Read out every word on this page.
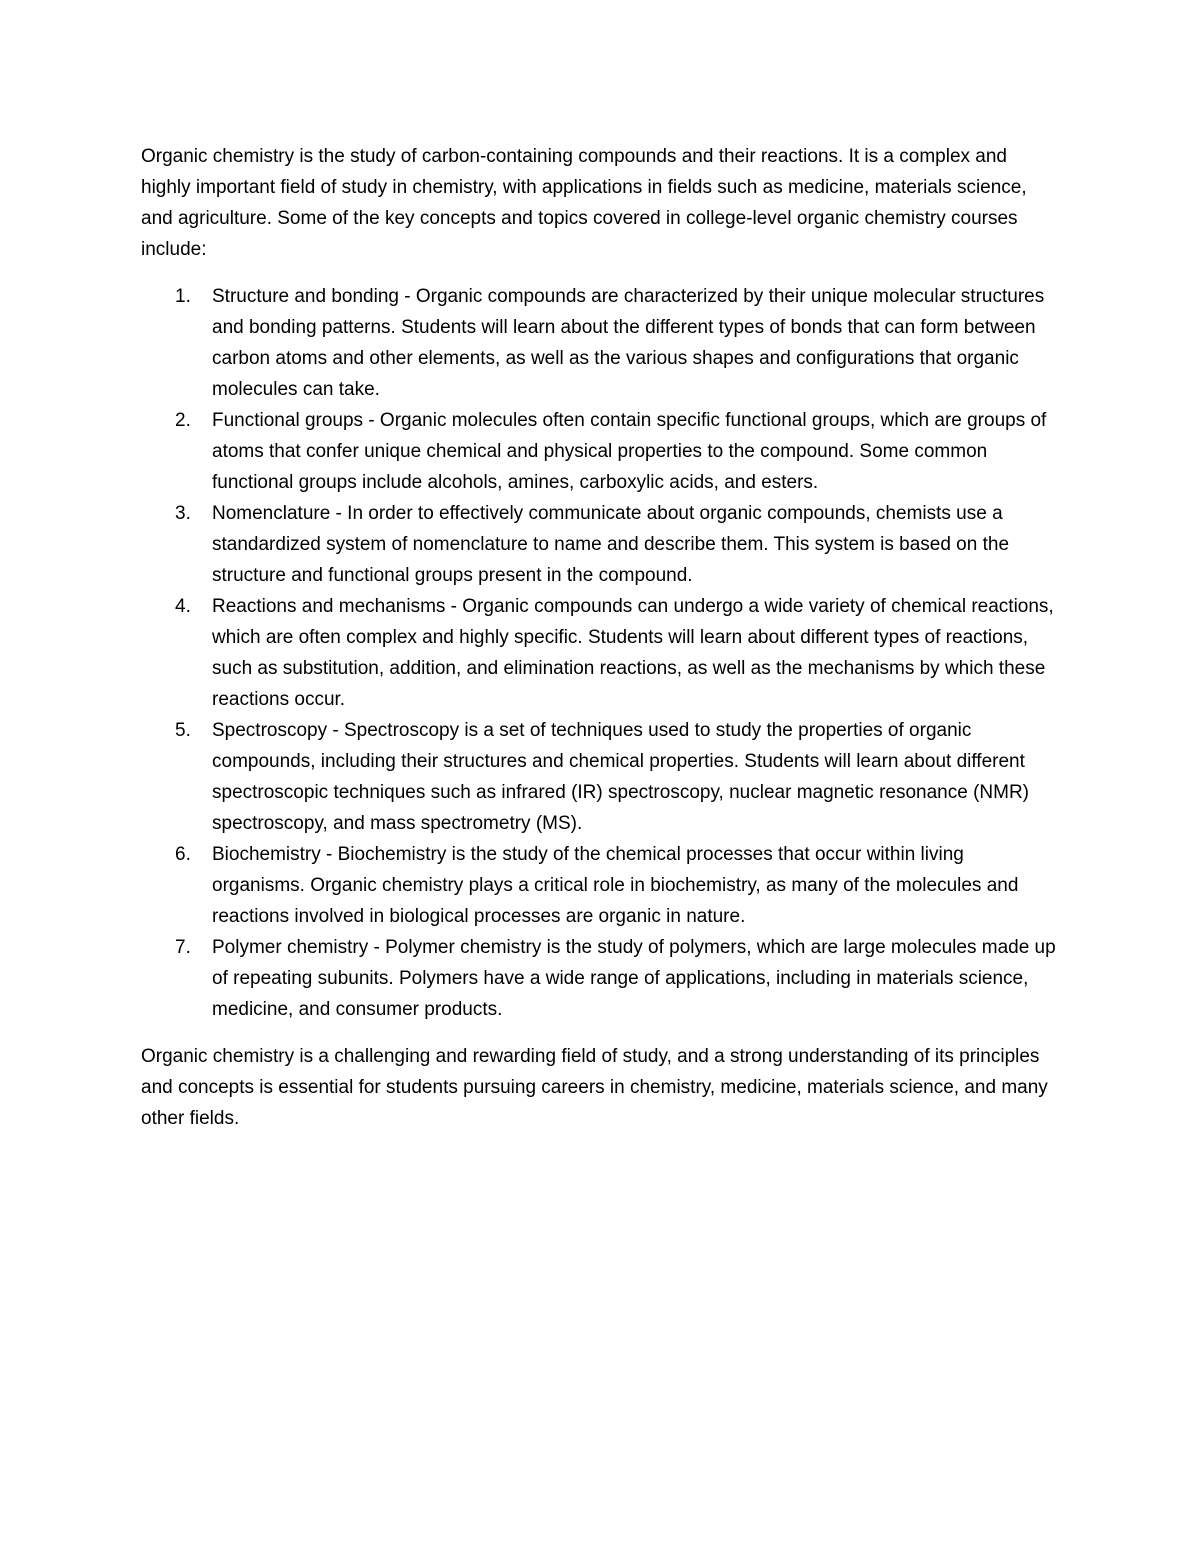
Organic chemistry is the study of carbon-containing compounds and their reactions. It is a complex and highly important field of study in chemistry, with applications in fields such as medicine, materials science, and agriculture. Some of the key concepts and topics covered in college-level organic chemistry courses include:

1. Structure and bonding - Organic compounds are characterized by their unique molecular structures and bonding patterns. Students will learn about the different types of bonds that can form between carbon atoms and other elements, as well as the various shapes and configurations that organic molecules can take.
2. Functional groups - Organic molecules often contain specific functional groups, which are groups of atoms that confer unique chemical and physical properties to the compound. Some common functional groups include alcohols, amines, carboxylic acids, and esters.
3. Nomenclature - In order to effectively communicate about organic compounds, chemists use a standardized system of nomenclature to name and describe them. This system is based on the structure and functional groups present in the compound.
4. Reactions and mechanisms - Organic compounds can undergo a wide variety of chemical reactions, which are often complex and highly specific. Students will learn about different types of reactions, such as substitution, addition, and elimination reactions, as well as the mechanisms by which these reactions occur.
5. Spectroscopy - Spectroscopy is a set of techniques used to study the properties of organic compounds, including their structures and chemical properties. Students will learn about different spectroscopic techniques such as infrared (IR) spectroscopy, nuclear magnetic resonance (NMR) spectroscopy, and mass spectrometry (MS).
6. Biochemistry - Biochemistry is the study of the chemical processes that occur within living organisms. Organic chemistry plays a critical role in biochemistry, as many of the molecules and reactions involved in biological processes are organic in nature.
7. Polymer chemistry - Polymer chemistry is the study of polymers, which are large molecules made up of repeating subunits. Polymers have a wide range of applications, including in materials science, medicine, and consumer products.

Organic chemistry is a challenging and rewarding field of study, and a strong understanding of its principles and concepts is essential for students pursuing careers in chemistry, medicine, materials science, and many other fields.
